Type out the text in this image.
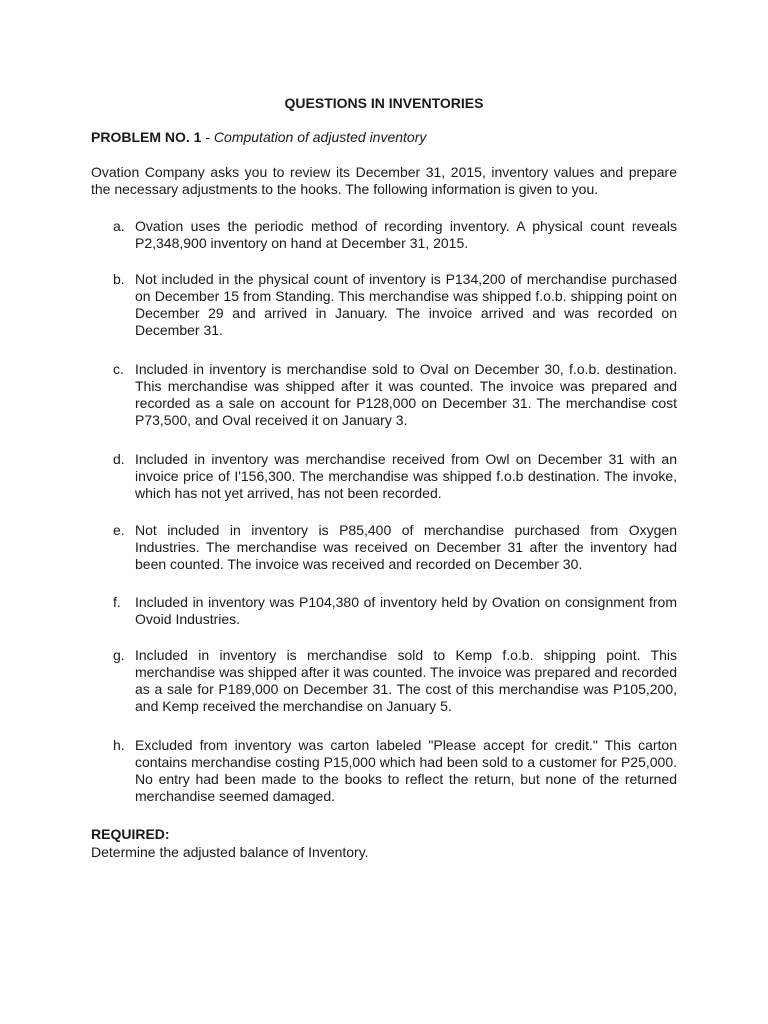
QUESTIONS IN INVENTORIES
PROBLEM NO. 1 - Computation of adjusted inventory
Ovation Company asks you to review its December 31, 2015, inventory values and prepare the necessary adjustments to the hooks. The following information is given to you.
a. Ovation uses the periodic method of recording inventory. A physical count reveals P2,348,900 inventory on hand at December 31, 2015.
b. Not included in the physical count of inventory is P134,200 of merchandise purchased on December 15 from Standing. This merchandise was shipped f.o.b. shipping point on December 29 and arrived in January. The invoice arrived and was recorded on December 31.
c. Included in inventory is merchandise sold to Oval on December 30, f.o.b. destination. This merchandise was shipped after it was counted. The invoice was prepared and recorded as a sale on account for P128,000 on December 31. The merchandise cost P73,500, and Oval received it on January 3.
d. Included in inventory was merchandise received from Owl on December 31 with an invoice price of I'156,300. The merchandise was shipped f.o.b destination. The invoke, which has not yet arrived, has not been recorded.
e. Not included in inventory is P85,400 of merchandise purchased from Oxygen Industries. The merchandise was received on December 31 after the inventory had been counted. The invoice was received and recorded on December 30.
f.	Included in inventory was P104,380 of inventory held by Ovation on consignment from Ovoid Industries.
g. Included in inventory is merchandise sold to Kemp f.o.b. shipping point. This merchandise was shipped after it was counted. The invoice was prepared and recorded as a sale for P189,000 on December 31. The cost of this merchandise was P105,200, and Kemp received the merchandise on January 5.
h. Excluded from inventory was carton labeled "Please accept for credit." This carton contains merchandise costing P15,000 which had been sold to a customer for P25,000. No entry had been made to the books to reflect the return, but none of the returned merchandise seemed damaged.
REQUIRED:
Determine the adjusted balance of Inventory.
